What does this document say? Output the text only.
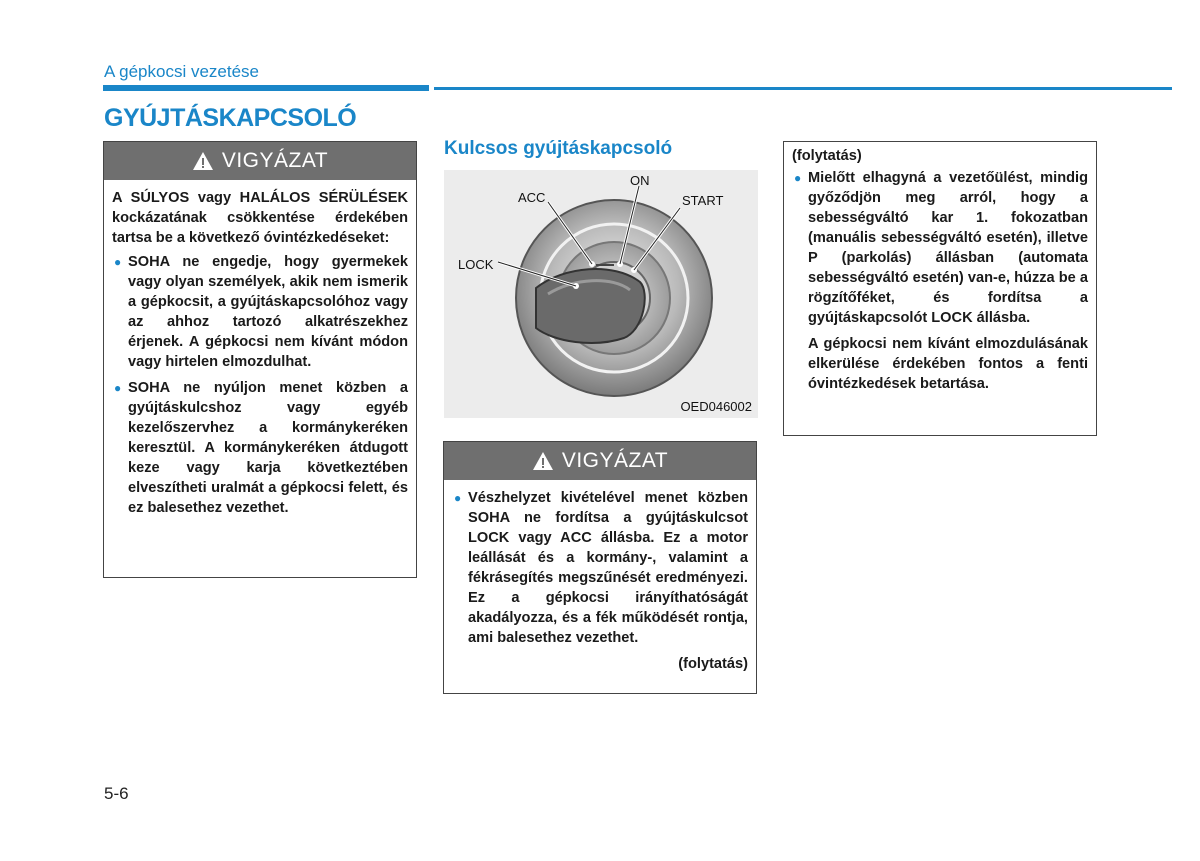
A gépkocsi vezetése
GYÚJTÁSKAPCSOLÓ
VIGYÁZAT

A SÚLYOS vagy HALÁLOS SÉRÜLÉSEK kockázatának csökkentése érdekében tartsa be a következő óvintézkedéseket:

● SOHA ne engedje, hogy gyermekek vagy olyan személyek, akik nem ismerik a gépkocsit, a gyújtáskapcsolóhoz vagy az ahhoz tartozó alkatrészekhez érjenek. A gépkocsi nem kívánt módon vagy hirtelen elmozdulhat.
● SOHA ne nyúljon menet közben a gyújtáskulcshoz vagy egyéb kezelőszervhez a kormánykeréken keresztül. A kormánykeréken átdugott keze vagy karja következtében elveszítheti uralmát a gépkocsi felett, és ez balesethez vezethet.
Kulcsos gyújtáskapcsoló
ON
ACC	START
LOCK
OED046002
VIGYÁZAT
● Vészhelyzet kivételével menet közben SOHA ne fordítsa a gyújtáskulcsot LOCK vagy ACC állásba. Ez a motor leállását és a kormány-, valamint a fékrásegítés megszűnését eredményezi. Ez a gépkocsi irányíthatóságát akadályozza, és a fék működését rontja, ami balesethez vezethet.
(folytatás)
(folytatás)
● Mielőtt elhagyná a vezetőülést, mindig győződjön meg arról, hogy a sebességváltó kar 1. fokozatban (manuális sebességváltó esetén), illetve P (parkolás) állásban (automata sebességváltó esetén) van-e, húzza be a rögzítőféket, és fordítsa a gyújtáskapcsolót LOCK állásba.

A gépkocsi nem kívánt elmozdulásának elkerülése érdekében fontos a fenti óvintézkedések betartása.

5-6
